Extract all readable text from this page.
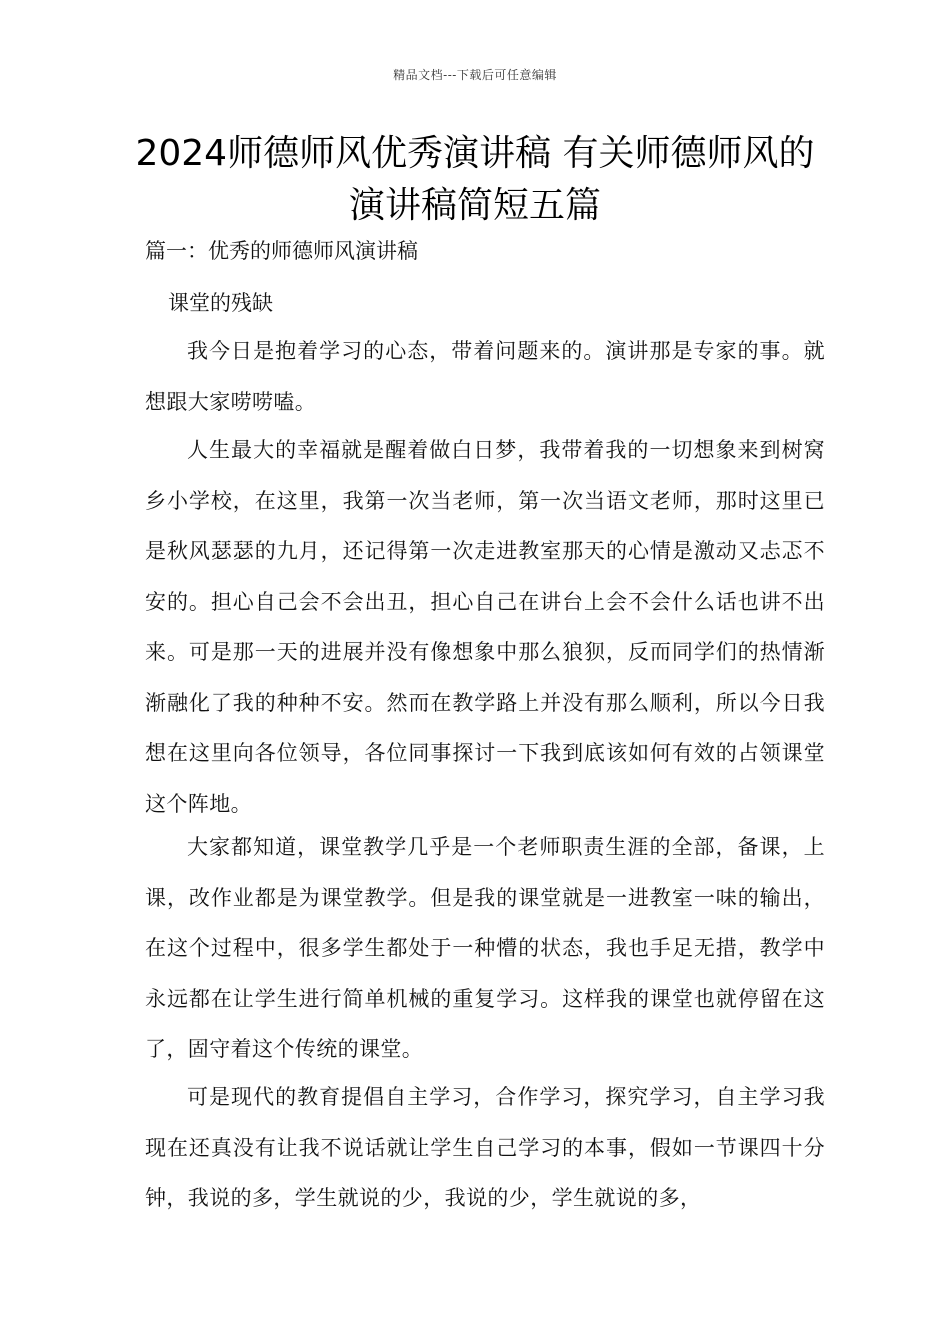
精品文档---下载后可任意编辑
2024师德师风优秀演讲稿 有关师德师风的演讲稿简短五篇
篇一：优秀的师德师风演讲稿
课堂的残缺

我今日是抱着学习的心态，带着问题来的。演讲那是专家的事。就想跟大家唠唠嗑。

人生最大的幸福就是醒着做白日梦，我带着我的一切想象来到树窝乡小学校，在这里，我第一次当老师，第一次当语文老师，那时这里已是秋风瑟瑟的九月，还记得第一次走进教室那天的心情是激动又忐忑不安的。担心自己会不会出丑，担心自己在讲台上会不会什么话也讲不出来。可是那一天的进展并没有像想象中那么狼狈，反而同学们的热情渐渐融化了我的种种不安。然而在教学路上并没有那么顺利，所以今日我想在这里向各位领导，各位同事探讨一下我到底该如何有效的占领课堂这个阵地。

大家都知道，课堂教学几乎是一个老师职责生涯的全部，备课，上课，改作业都是为课堂教学。但是我的课堂就是一进教室一味的输出，在这个过程中，很多学生都处于一种懵的状态，我也手足无措，教学中永远都在让学生进行简单机械的重复学习。这样我的课堂也就停留在这了，固守着这个传统的课堂。

可是现代的教育提倡自主学习，合作学习，探究学习，自主学习我现在还真没有让我不说话就让学生自己学习的本事，假如一节课四十分钟，我说的多，学生就说的少，我说的少，学生就说的多，
